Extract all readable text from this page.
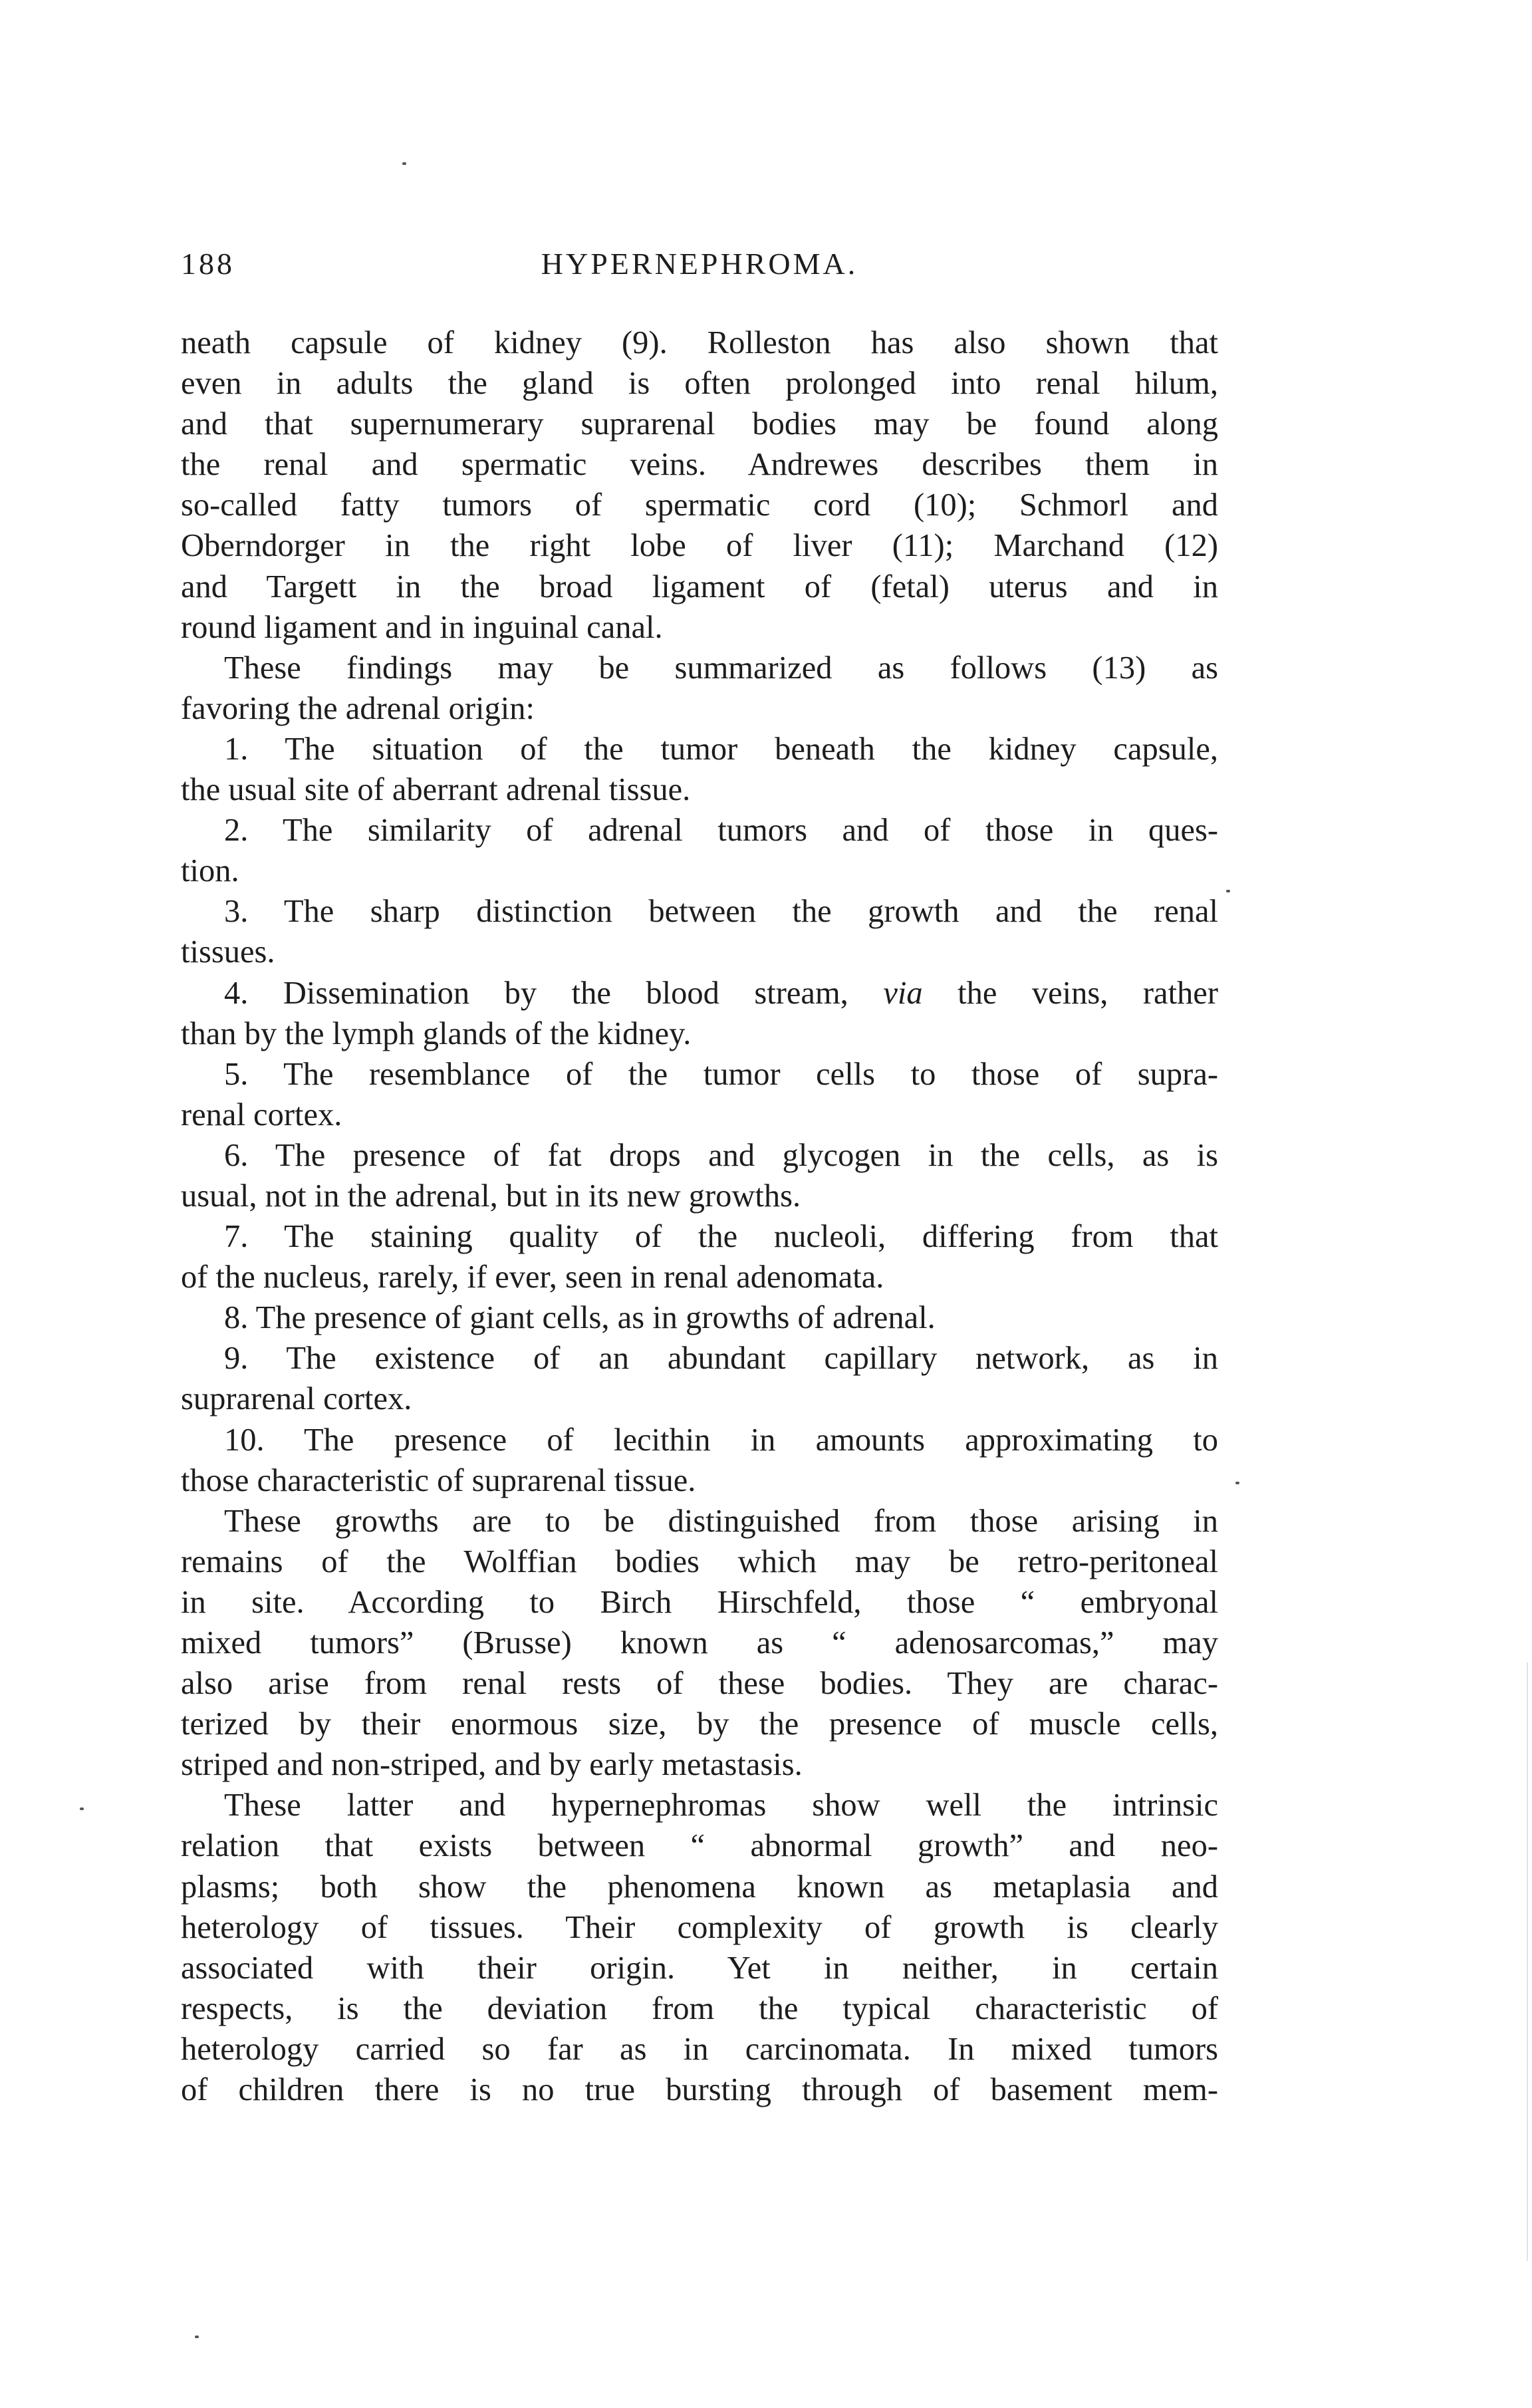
188	HYPERNEPHROMA.
neath capsule of kidney (9). Rolleston has also shown that
even in adults the gland is often prolonged into renal hilum,
and that supernumerary suprarenal bodies may be found along
the renal and spermatic veins. Andrewes describes them in
so-called fatty tumors of spermatic cord (10); Schmorl and
Oberndorger in the right lobe of liver (11); Marchand (12)
and Targett in the broad ligament of (fetal) uterus and in
round ligament and in inguinal canal.
These findings may be summarized as follows (13) as
favoring the adrenal origin:
1. The situation of the tumor beneath the kidney capsule,
the usual site of aberrant adrenal tissue.
2. The similarity of adrenal tumors and of those in ques-
tion.
3. The sharp distinction between the growth and the renal
tissues.
4. Dissemination by the blood stream, via the veins, rather
than by the lymph glands of the kidney.
5. The resemblance of the tumor cells to those of supra-
renal cortex.
6. The presence of fat drops and glycogen in the cells, as is
usual, not in the adrenal, but in its new growths.
7. The staining quality of the nucleoli, differing from that
of the nucleus, rarely, if ever, seen in renal adenomata.
8. The presence of giant cells, as in growths of adrenal.
9. The existence of an abundant capillary network, as in
suprarenal cortex.
10. The presence of lecithin in amounts approximating to
those characteristic of suprarenal tissue.
These growths are to be distinguished from those arising in
remains of the Wolffian bodies which may be retro-peritoneal
in site. According to Birch Hirschfeld, those “ embryonal
mixed tumors” (Brusse) known as “ adenosarcomas,” may
also arise from renal rests of these bodies. They are charac-
terized by their enormous size, by the presence of muscle cells,
striped and non-striped, and by early metastasis.
These latter and hypernephromas show well the intrinsic
relation that exists between “ abnormal growth” and neo-
plasms; both show the phenomena known as metaplasia and
heterology of tissues. Their complexity of growth is clearly
associated with their origin. Yet in neither, in certain
respects, is the deviation from the typical characteristic of
heterology carried so far as in carcinomata. In mixed tumors
of children there is no true bursting through of basement mem-
